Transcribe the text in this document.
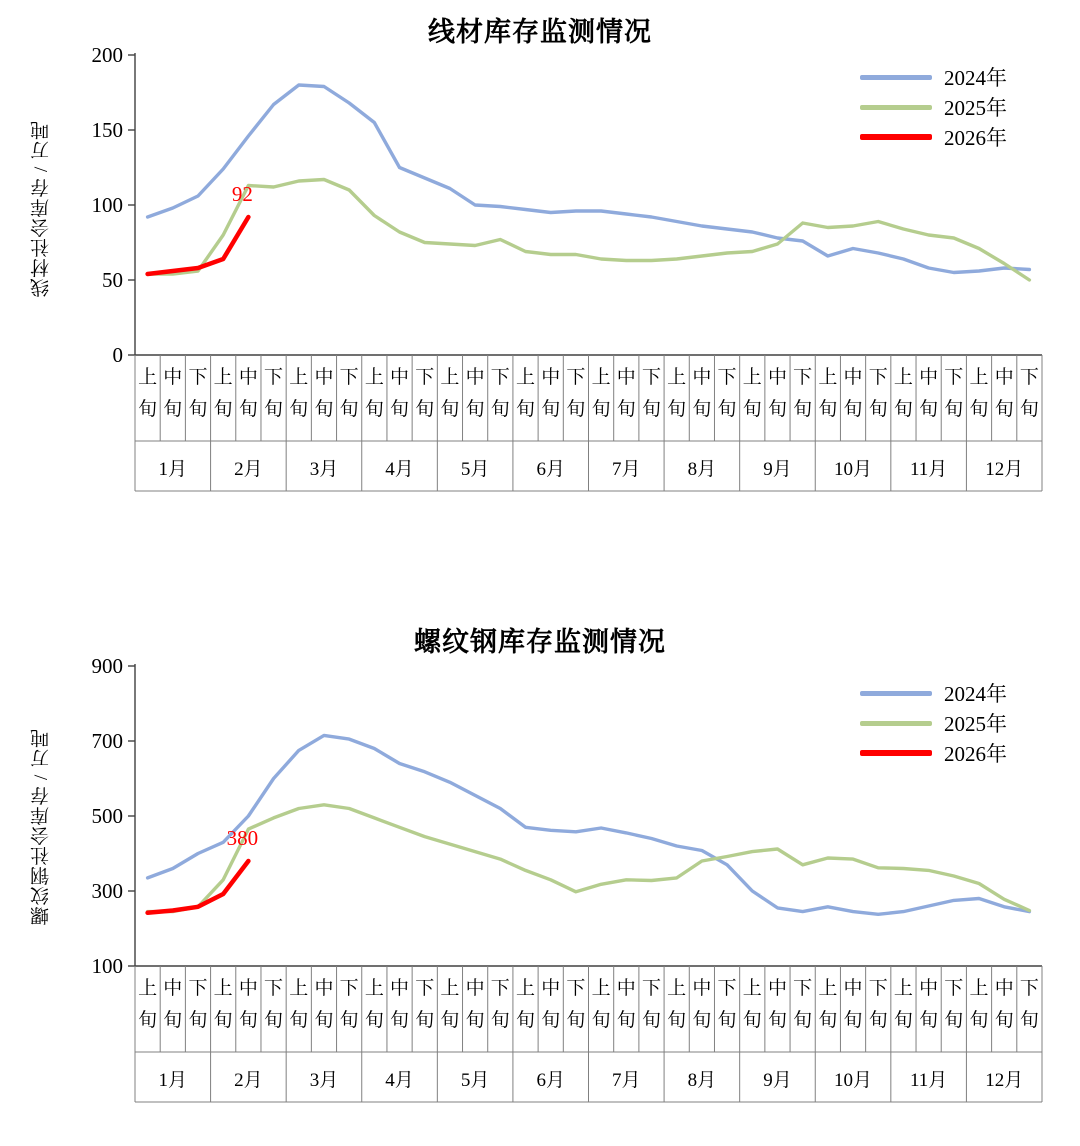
线材库存监测情况
线材社会库存 / 万吨
2024年
2025年
2026年
0
50
100
150
200
上
旬
中
旬
下
旬
上
旬
中
旬
下
旬
上
旬
中
旬
下
旬
上
旬
中
旬
下
旬
上
旬
中
旬
下
旬
上
旬
中
旬
下
旬
上
旬
中
旬
下
旬
上
旬
中
旬
下
旬
上
旬
中
旬
下
旬
上
旬
中
旬
下
旬
上
旬
中
旬
下
旬
上
旬
中
旬
下
旬
1月 2月 3月 4月 5月 6月 7月 8月 9月 10月 11月 12月
92
螺纹钢库存监测情况
螺纹钢社会库存 / 万吨
2024年
2025年
2026年
100
300
500
700
900
上
旬
中
旬
下
旬
上
旬
中
旬
下
旬
上
旬
中
旬
下
旬
上
旬
中
旬
下
旬
上
旬
中
旬
下
旬
上
旬
中
旬
下
旬
上
旬
中
旬
下
旬
上
旬
中
旬
下
旬
上
旬
中
旬
下
旬
上
旬
中
旬
下
旬
上
旬
中
旬
下
旬
上
旬
中
旬
下
旬
1月 2月 3月 4月 5月 6月 7月 8月 9月 10月 11月 12月
380
